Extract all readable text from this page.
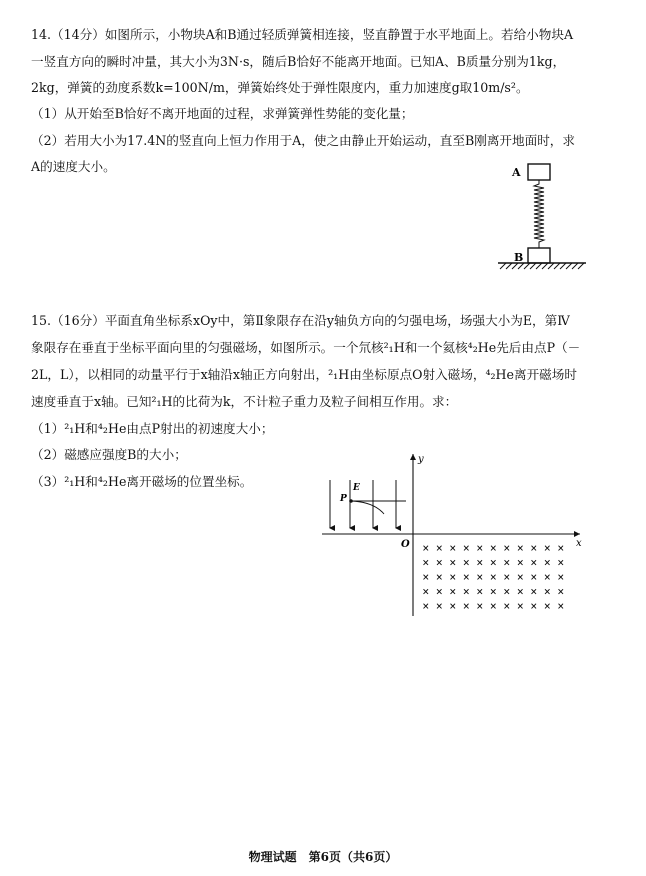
14.（14分）如图所示，小物块A和B通过轻质弹簧相连接，竖直静置于水平地面上。若给小物块A
一竖直方向的瞬时冲量，其大小为3N·s，随后B恰好不能离开地面。已知A、B质量分别为1kg，
2kg，弹簧的劲度系数k=100N/m，弹簧始终处于弹性限度内，重力加速度g取10m/s²。
（1）从开始至B恰好不离开地面的过程，求弹簧弹性势能的变化量；
（2）若用大小为17.4N的竖直向上恒力作用于A，使之由静止开始运动，直至B刚离开地面时，求
A的速度大小。	A
B
15.（16分）平面直角坐标系xOy中，第Ⅱ象限存在沿y轴负方向的匀强电场，场强大小为E，第Ⅳ
象限存在垂直于坐标平面向里的匀强磁场，如图所示。一个氘核²₁H和一个氦核⁴₂He先后由点P（－
2L，L），以相同的动量平行于x轴沿x轴正方向射出，²₁H由坐标原点O射入磁场，⁴₂He离开磁场时
速度垂直于x轴。已知²₁H的比荷为k，不计粒子重力及粒子间相互作用。求：
（1）²₁H和⁴₂He由点P射出的初速度大小；
（2）磁感应强度B的大小；
（3）²₁H和⁴₂He离开磁场的位置坐标。
y
x
O
E
P
× × × × × × × × × × ×
× × × × × × × × × × ×
× × × × × × × × × × ×
× × × × × × × × × × ×
× × × × × × × × × × ×
物理试题　第6页（共6页）
